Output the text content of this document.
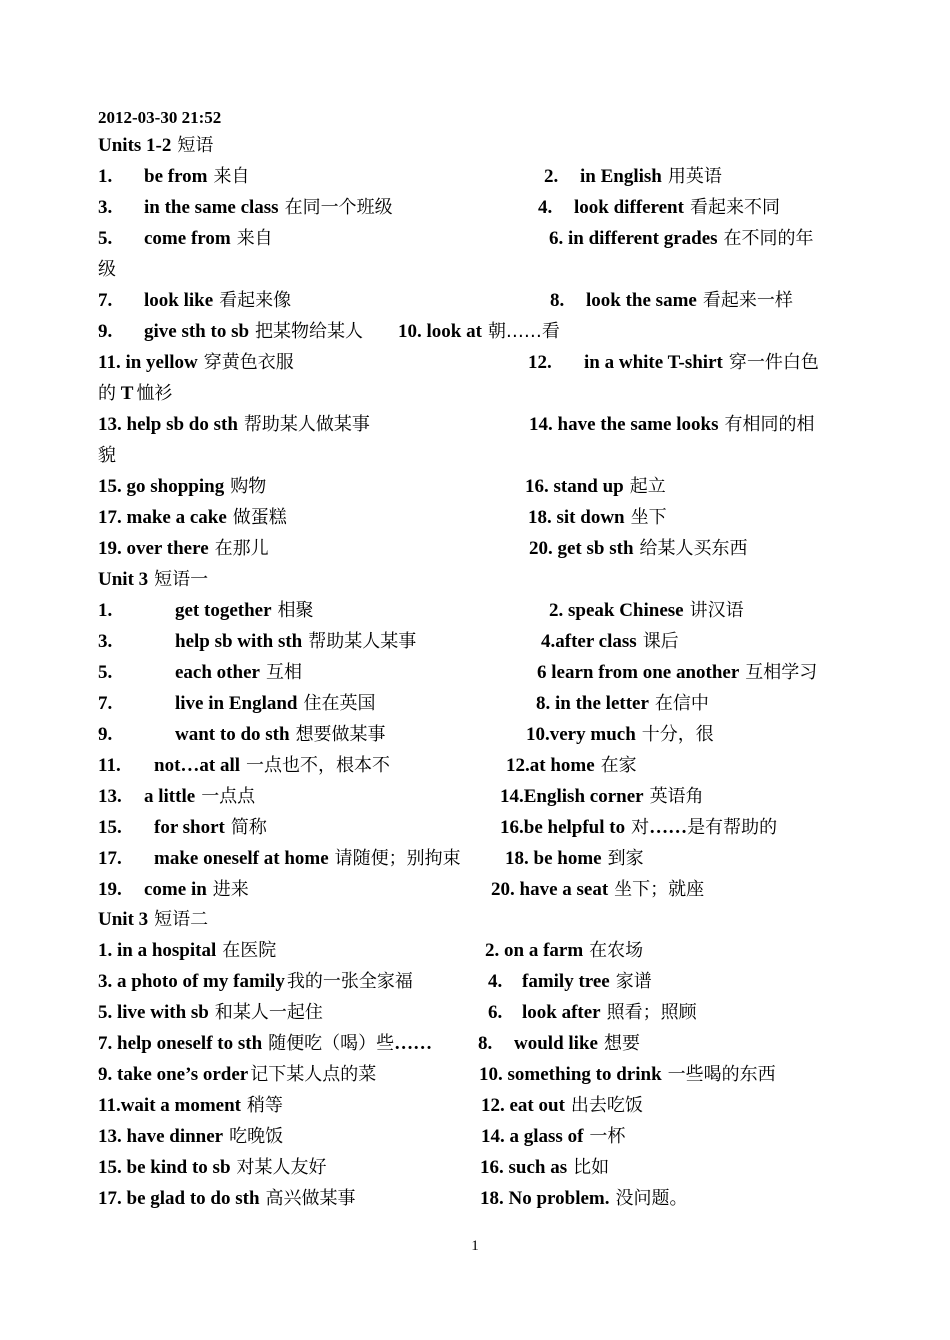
2012-03-30 21:52
Units 1-2 短语
1. be from 来自	2. in English 用英语
3. in the same class 在同一个班级	4. look different 看起来不同
5. come from 来自	6. in different grades 在不同的年
级
7. look like 看起来像	8. look the same 看起来一样
9. give sth to sb 把某物给某人 10. look at 朝……看
11. in yellow 穿黄色衣服	12. in a white T-shirt 穿一件白色
的 T 恤衫
13. help sb do sth 帮助某人做某事	14. have the same looks 有相同的相
貌
15. go shopping 购物	16. stand up 起立
17. make a cake 做蛋糕	18. sit down 坐下
19. over there 在那儿	20. get sb sth 给某人买东西
Unit 3 短语一
1.	get together 相聚	2. speak Chinese 讲汉语
3.	help sb with sth 帮助某人某事	4.after class 课后
5.	each other 互相	6 learn from one another 互相学习
7.	live in England 住在英国	8. in the letter 在信中
9.	want to do sth 想要做某事	10.very much 十分，很
11. not…at all 一点也不，根本不	12.at home 在家
13. a little 一点点	14.English corner 英语角
15. for short 简称	16.be helpful to 对……是有帮助的
17. make oneself at home 请随便；别拘束 18. be home 到家
19. come in 进来	20. have a seat 坐下；就座
Unit 3 短语二
1. in a hospital 在医院	2. on a farm 在农场
3. a photo of my family 我的一张全家福	4. family tree 家谱
5. live with sb 和某人一起住	6. look after 照看；照顾
7. help oneself to sth 随便吃（喝）些…… 8. would like 想要
9. take one’s order 记下某人点的菜	10. something to drink 一些喝的东西
11.wait a moment 稍等	12. eat out 出去吃饭
13. have dinner 吃晚饭	14. a glass of 一杯
15. be kind to sb 对某人友好	16. such as 比如
17. be glad to do sth 高兴做某事	18. No problem. 没问题。
1
